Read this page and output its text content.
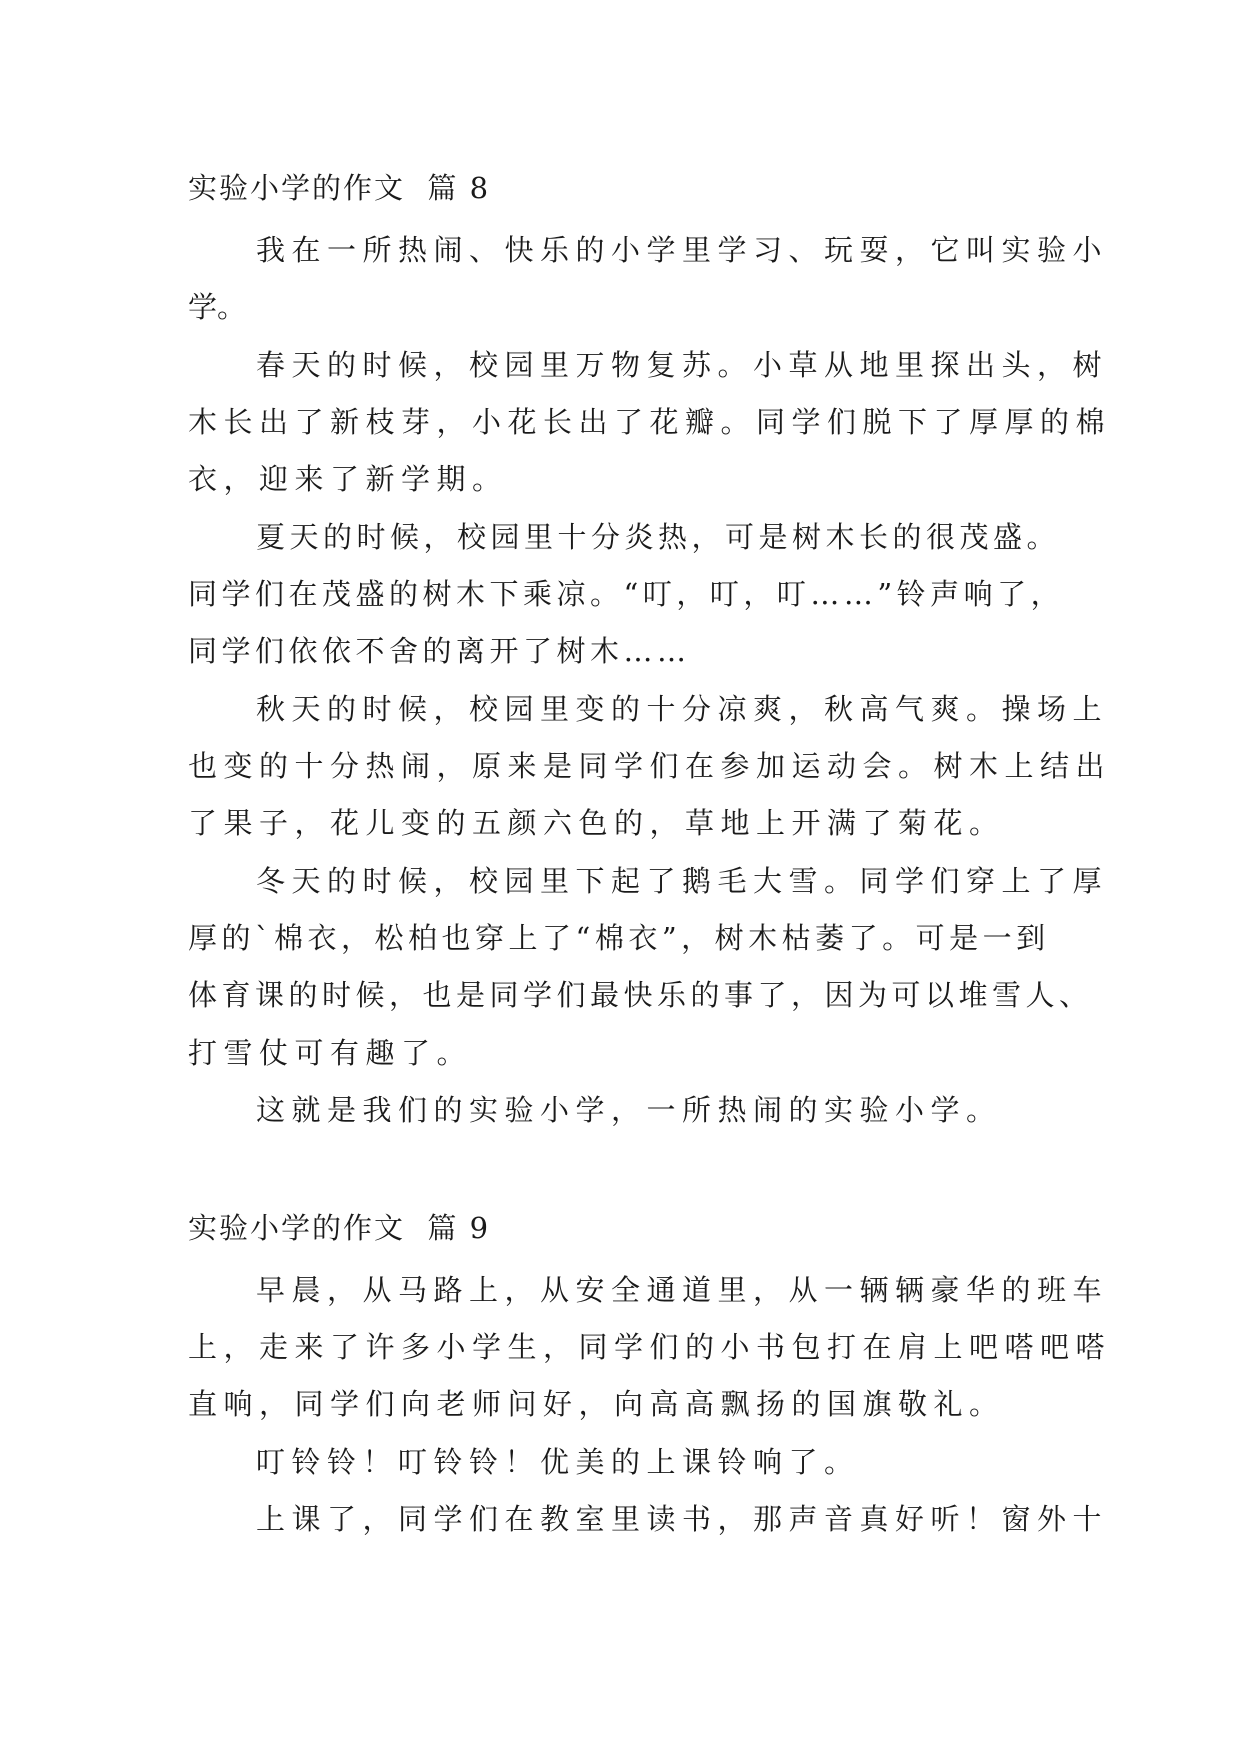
实验小学的作文  篇 8
我在一所热闹、快乐的小学里学习、玩耍，它叫实验小
学。
春天的时候，校园里万物复苏。小草从地里探出头，树
木长出了新枝芽，小花长出了花瓣。同学们脱下了厚厚的棉
衣，迎来了新学期。
夏天的时候，校园里十分炎热，可是树木长的很茂盛。
同学们在茂盛的树木下乘凉。“叮，叮，叮……”铃声响了，
同学们依依不舍的离开了树木……
秋天的时候，校园里变的十分凉爽，秋高气爽。操场上
也变的十分热闹，原来是同学们在参加运动会。树木上结出
了果子，花儿变的五颜六色的，草地上开满了菊花。
冬天的时候，校园里下起了鹅毛大雪。同学们穿上了厚
厚的`棉衣，松柏也穿上了“棉衣”，树木枯萎了。可是一到
体育课的时候，也是同学们最快乐的事了，因为可以堆雪人、
打雪仗可有趣了。
这就是我们的实验小学，一所热闹的实验小学。
实验小学的作文  篇 9
早晨，从马路上，从安全通道里，从一辆辆豪华的班车
上，走来了许多小学生，同学们的小书包打在肩上吧嗒吧嗒
直响，同学们向老师问好，向高高飘扬的国旗敬礼。
叮铃铃！叮铃铃！优美的上课铃响了。
上课了，同学们在教室里读书，那声音真好听！窗外十
